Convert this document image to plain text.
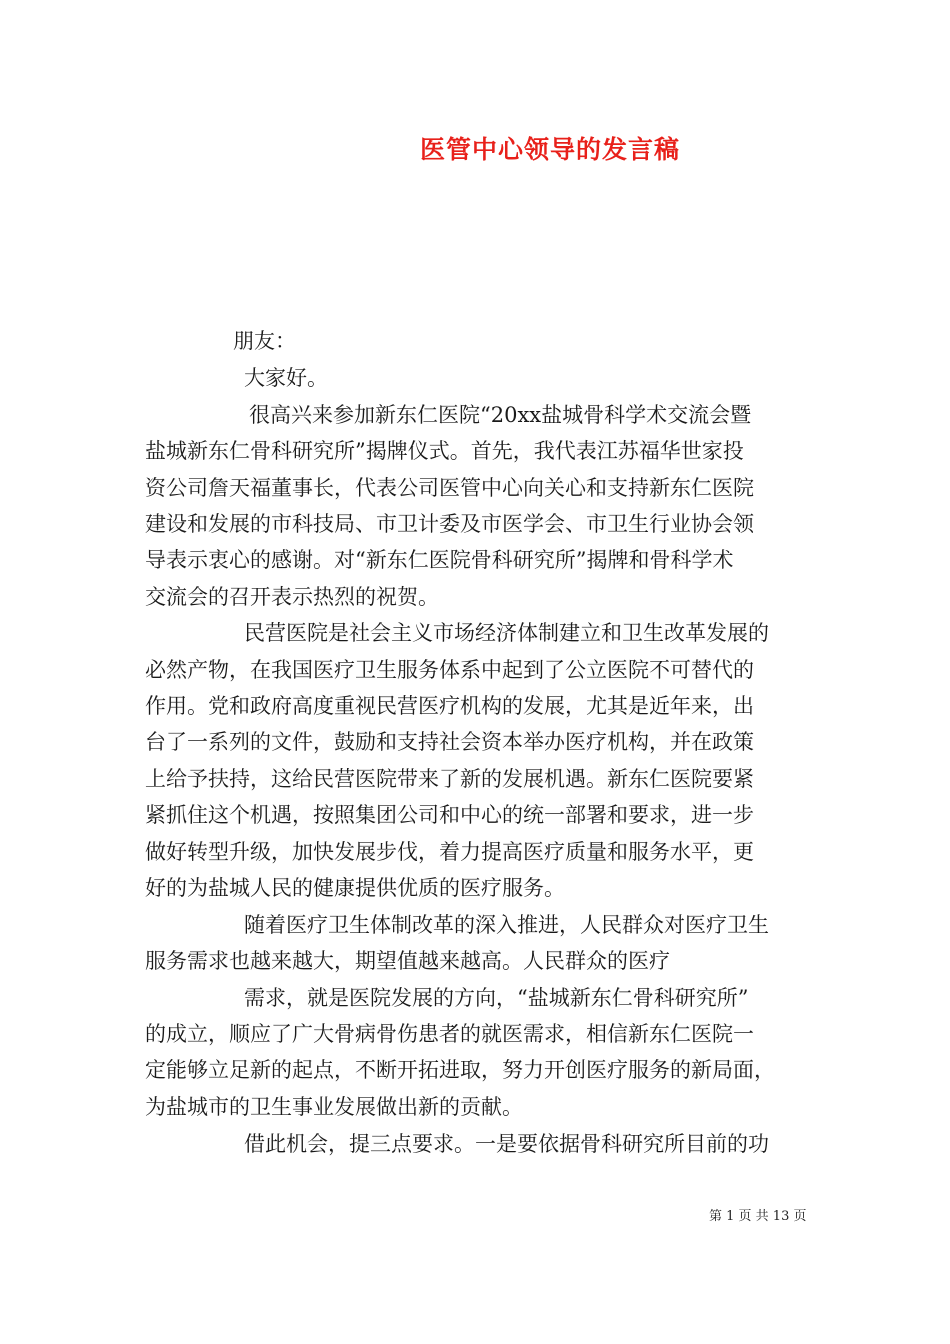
医管中心领导的发言稿
朋友：
大家好。
很高兴来参加新东仁医院“20xx盐城骨科学术交流会暨
盐城新东仁骨科研究所”揭牌仪式。首先，我代表江苏福华世家投
资公司詹天福董事长，代表公司医管中心向关心和支持新东仁医院
建设和发展的市科技局、市卫计委及市医学会、市卫生行业协会领
导表示衷心的感谢。对“新东仁医院骨科研究所”揭牌和骨科学术
交流会的召开表示热烈的祝贺。
民营医院是社会主义市场经济体制建立和卫生改革发展的
必然产物，在我国医疗卫生服务体系中起到了公立医院不可替代的
作用。党和政府高度重视民营医疗机构的发展，尤其是近年来，出
台了一系列的文件，鼓励和支持社会资本举办医疗机构，并在政策
上给予扶持，这给民营医院带来了新的发展机遇。新东仁医院要紧
紧抓住这个机遇，按照集团公司和中心的统一部署和要求，进一步
做好转型升级，加快发展步伐，着力提高医疗质量和服务水平，更
好的为盐城人民的健康提供优质的医疗服务。
随着医疗卫生体制改革的深入推进，人民群众对医疗卫生
服务需求也越来越大，期望值越来越高。人民群众的医疗
需求，就是医院发展的方向，“盐城新东仁骨科研究所”
的成立，顺应了广大骨病骨伤患者的就医需求，相信新东仁医院一
定能够立足新的起点，不断开拓进取，努力开创医疗服务的新局面，
为盐城市的卫生事业发展做出新的贡献。
借此机会，提三点要求。一是要依据骨科研究所目前的功
第 1 页 共 13 页
